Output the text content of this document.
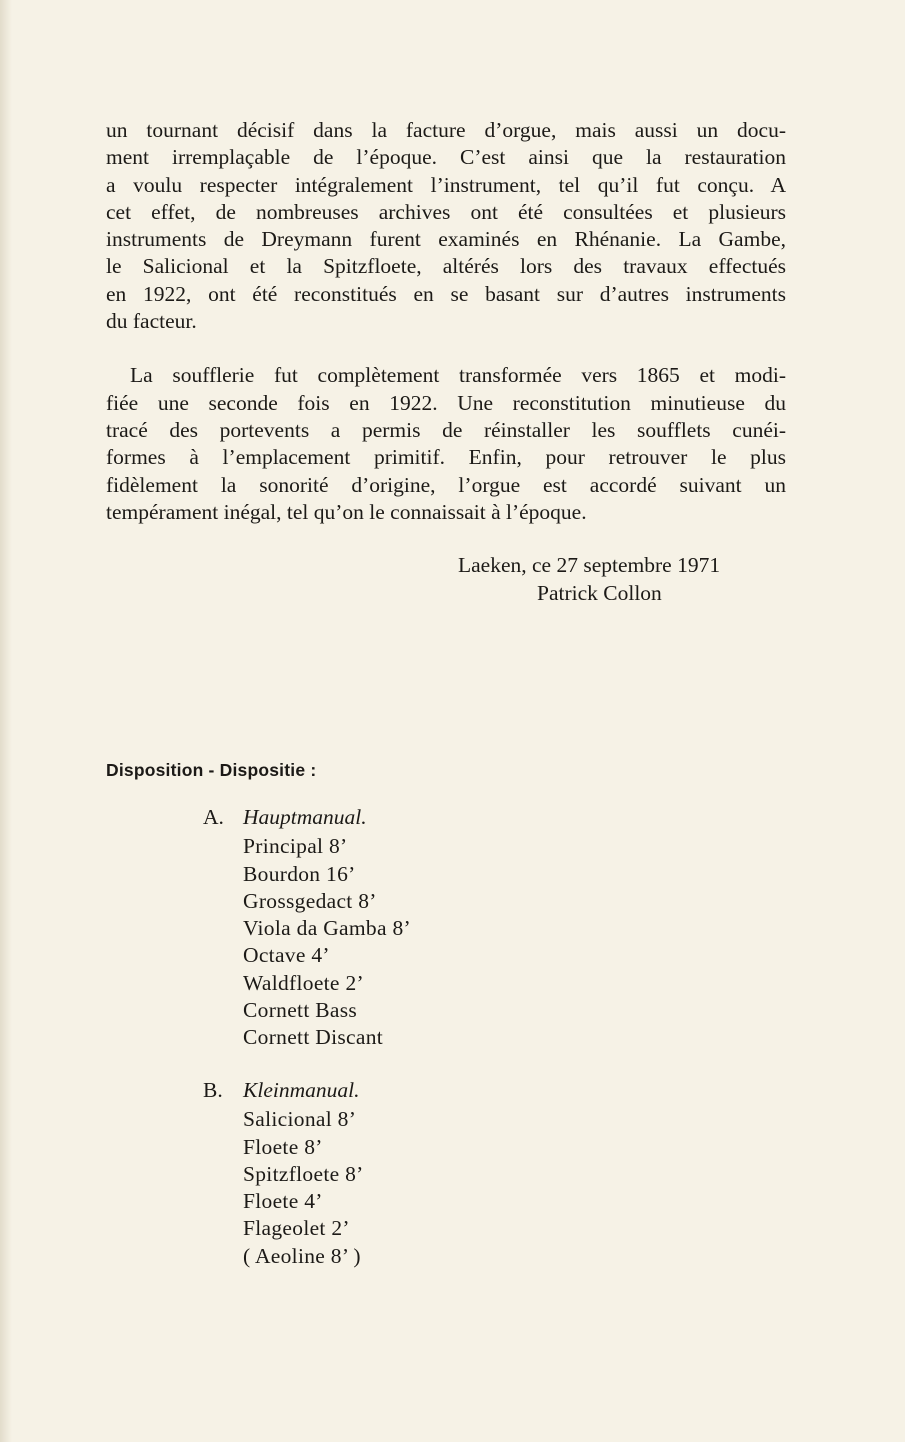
un tournant décisif dans la facture d’orgue, mais aussi un docu-
ment irremplaçable de l’époque. C’est ainsi que la restauration
a voulu respecter intégralement l’instrument, tel qu’il fut conçu. A
cet effet, de nombreuses archives ont été consultées et plusieurs
instruments de Dreymann furent examinés en Rhénanie. La Gambe,
le Salicional et la Spitzfloete, altérés lors des travaux effectués
en 1922, ont été reconstitués en se basant sur d’autres instruments
du facteur.
La soufflerie fut complètement transformée vers 1865 et modi-
fiée une seconde fois en 1922. Une reconstitution minutieuse du
tracé des portevents a permis de réinstaller les soufflets cunéi-
formes à l’emplacement primitif. Enfin, pour retrouver le plus
fidèlement la sonorité d’origine, l’orgue est accordé suivant un
tempérament inégal, tel qu’on le connaissait à l’époque.
Laeken, ce 27 septembre 1971
Patrick Collon
Disposition - Dispositie :
A. Hauptmanual.
Principal 8’
Bourdon 16’
Grossgedact 8’
Viola da Gamba 8’
Octave 4’
Waldfloete 2’
Cornett Bass
Cornett Discant
B. Kleinmanual.
Salicional 8’
Floete 8’
Spitzfloete 8’
Floete 4’
Flageolet 2’
( Aeoline 8’ )
